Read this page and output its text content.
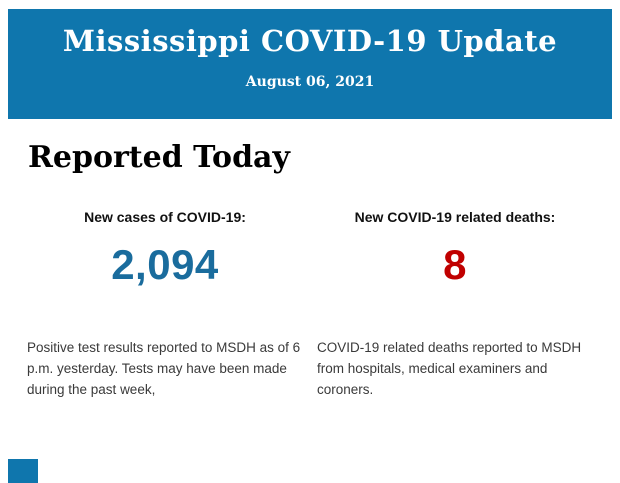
Mississippi COVID-19 Update
August 06, 2021
Reported Today
New cases of COVID-19:
2,094
Positive test results reported to MSDH as of 6 p.m. yesterday. Tests may have been made during the past week,
New COVID-19 related deaths:
8
COVID-19 related deaths reported to MSDH from hospitals, medical examiners and coroners.
